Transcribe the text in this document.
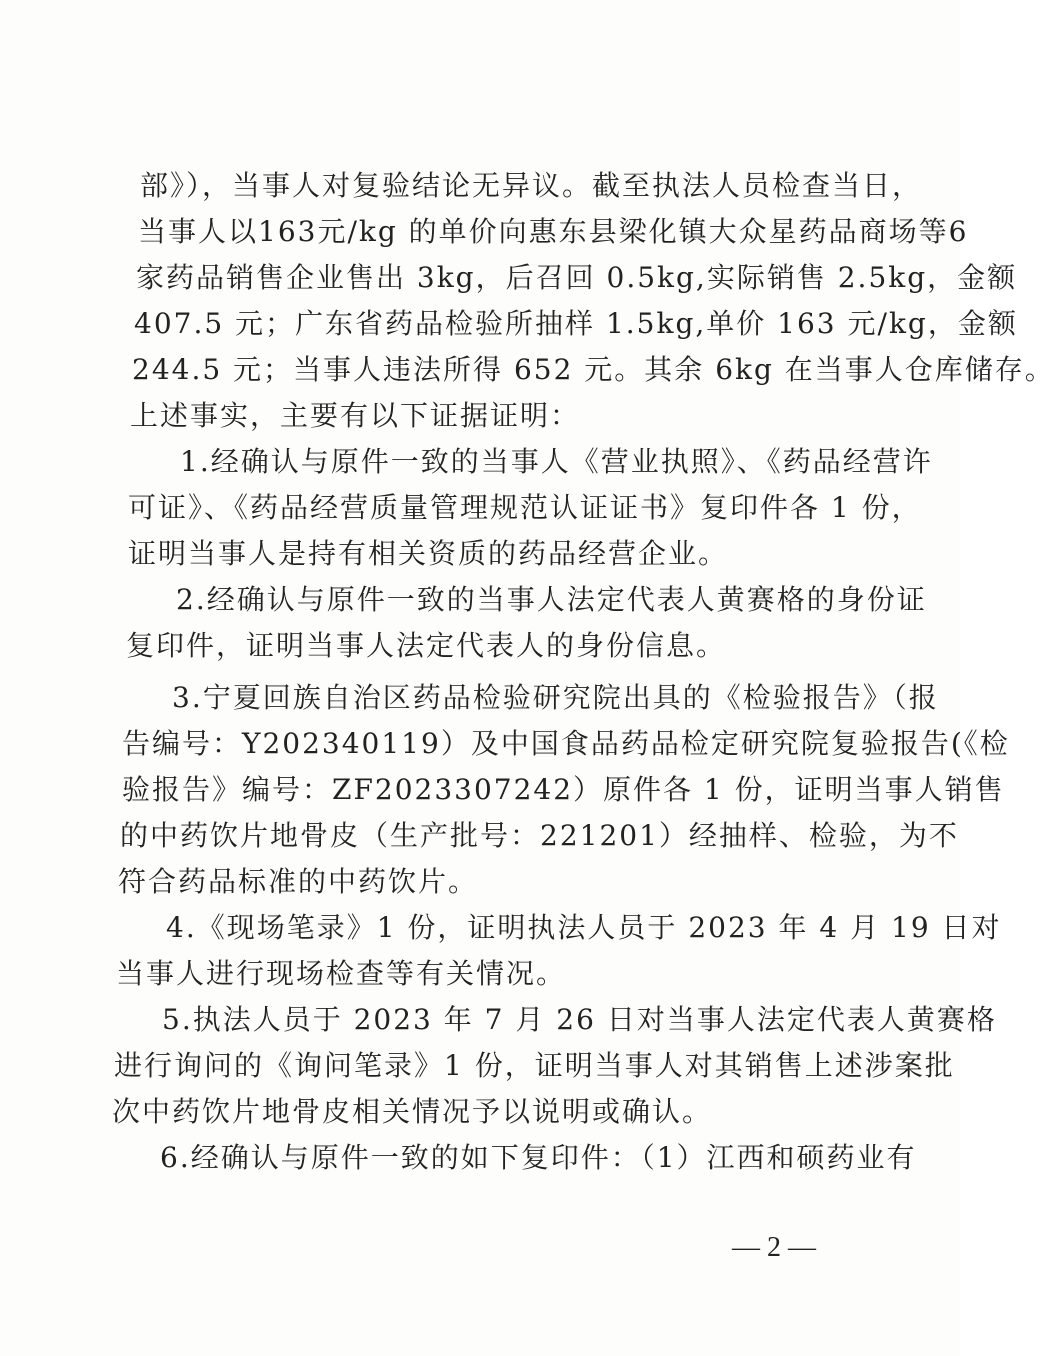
部》），当事人对复验结论无异议。截至执法人员检查当日，
当事人以163元/kg 的单价向惠东县梁化镇大众星药品商场等6
家药品销售企业售出 3kg，后召回 0.5kg,实际销售 2.5kg，金额
407.5 元；广东省药品检验所抽样 1.5kg,单价 163 元/kg，金额
244.5 元；当事人违法所得 652 元。其余 6kg 在当事人仓库储存。
上述事实，主要有以下证据证明：
1.经确认与原件一致的当事人《营业执照》、《药品经营许
可证》、《药品经营质量管理规范认证证书》复印件各 1 份，
证明当事人是持有相关资质的药品经营企业。
2.经确认与原件一致的当事人法定代表人黄赛格的身份证
复印件，证明当事人法定代表人的身份信息。
3.宁夏回族自治区药品检验研究院出具的《检验报告》（报
告编号：Y202340119）及中国食品药品检定研究院复验报告(《检
验报告》编号：ZF2023307242）原件各 1 份，证明当事人销售
的中药饮片地骨皮（生产批号：221201）经抽样、检验，为不
符合药品标准的中药饮片。
4.《现场笔录》1 份，证明执法人员于 2023 年 4 月 19 日对
当事人进行现场检查等有关情况。
5.执法人员于 2023 年 7 月 26 日对当事人法定代表人黄赛格
进行询问的《询问笔录》1 份，证明当事人对其销售上述涉案批
次中药饮片地骨皮相关情况予以说明或确认。
6.经确认与原件一致的如下复印件：（1）江西和硕药业有
— 2 —
